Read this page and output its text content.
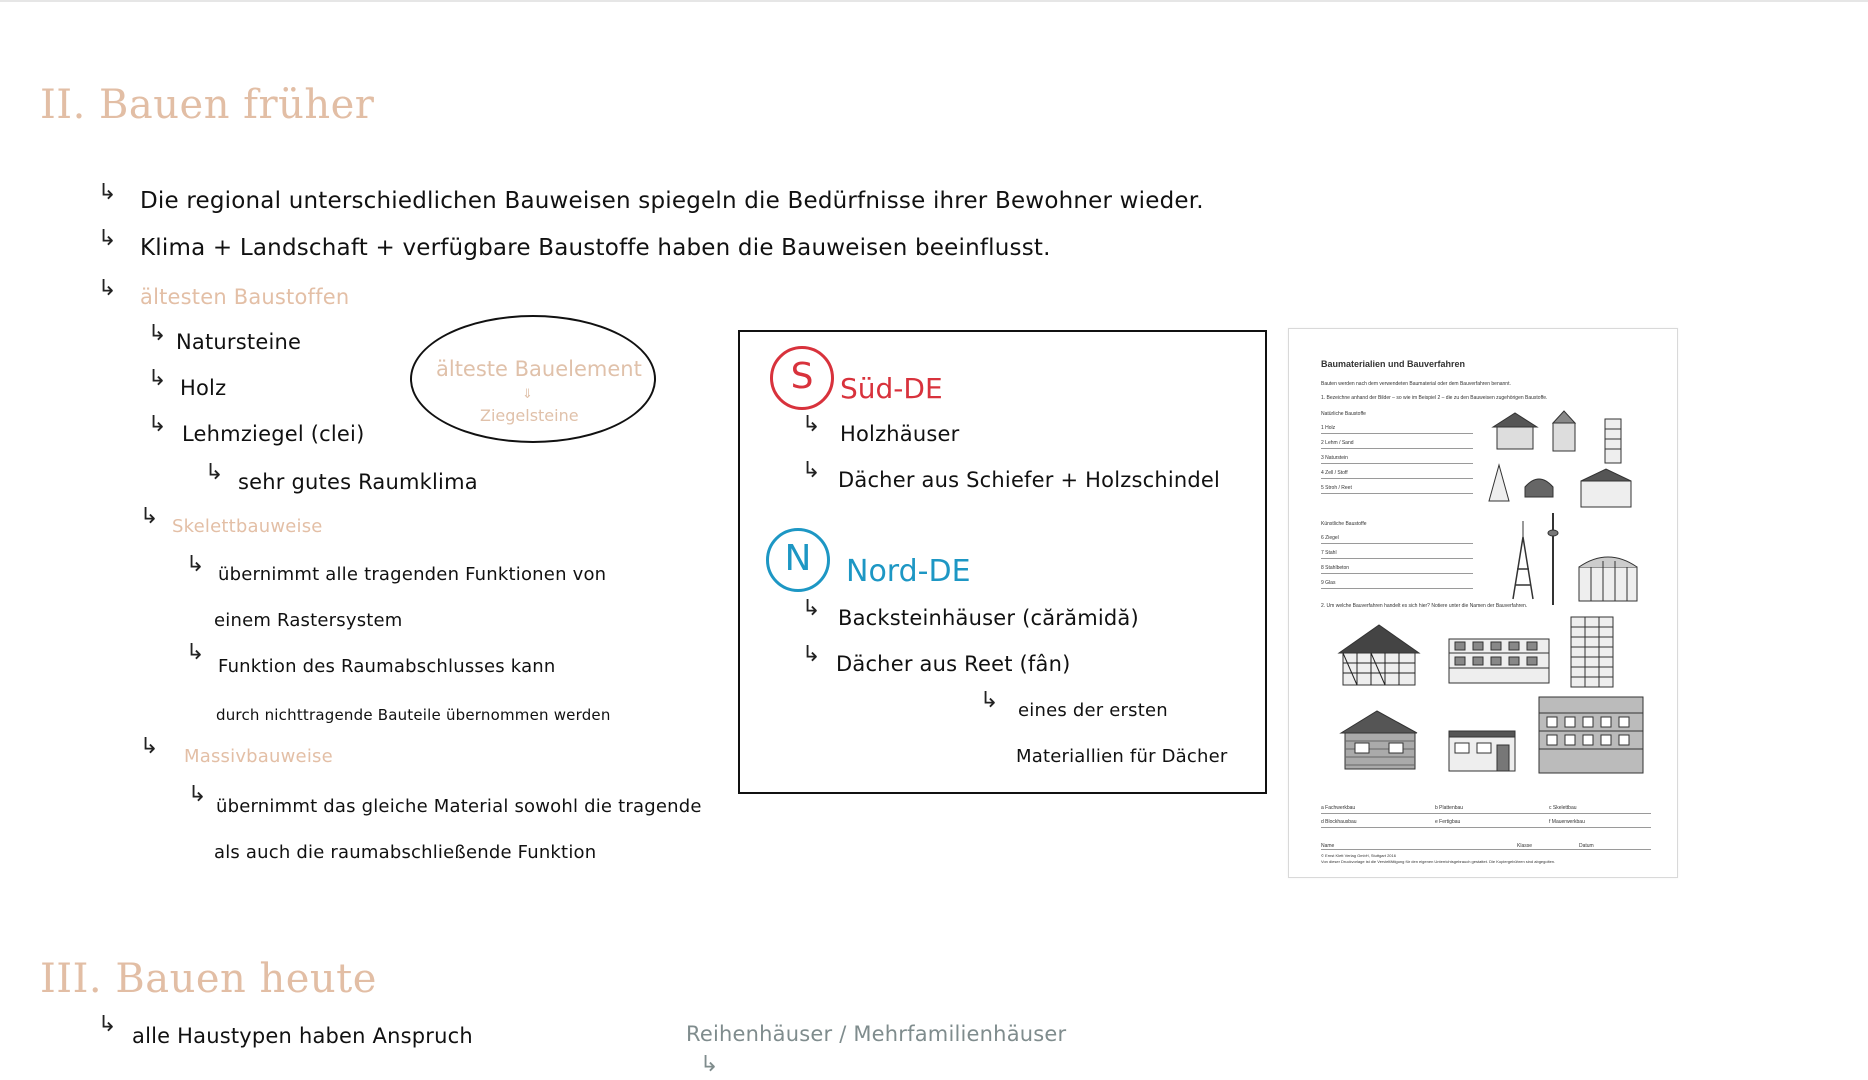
II. Bauen früher
↳ Die regional unterschiedlichen Bauweisen spiegeln die Bedürfnisse ihrer Bewohner wieder.
↳ Klima + Landschaft + verfügbare Baustoffe haben die Bauweisen beeinflusst.
↳ ältesten Baustoffen
↳ Natursteine
↳ Holz
↳ Lehmziegel (clei)
↳ sehr gutes Raumklima
älteste Bauelement
⇓
Ziegelsteine
↳ Skelettbauweise
↳ übernimmt alle tragenden Funktionen von
einem Rastersystem
↳
Funktion des Raumabschlusses kann
durch nichttragende Bauteile übernommen werden
↳ Massivbauweise
↳ übernimmt das gleiche Material sowohl die tragende
als auch die raumabschließende Funktion
S Süd-DE
↳ Holzhäuser
↳ Dächer aus Schiefer + Holzschindel
N	Nord-DE
↳ Backsteinhäuser (cărămidă)
↳ Dächer aus Reet (fân)
↳ eines der ersten
Materiallien für Dächer
Baumaterialien und Bauverfahren
Bauten werden nach dem verwendeten Baumaterial oder dem Bauverfahren benannt.
1. Bezeichne anhand der Bilder – so wie im Beispiel 2 – die zu den Bauweisen zugehörigen Baustoffe.
Natürliche Baustoffe
1 Holz
2 Lehm / Sand
3 Naturstein
4 Zell / Stoff
5 Stroh / Reet
Künstliche Baustoffe
6 Ziegel
7 Stahl
8 Stahlbeton
9 Glas
2. Um welche Bauverfahren handelt es sich hier? Notiere unter die Namen der Bauverfahren.
a Fachwerkbau	b Plattenbau	c Skelettbau
d Blockhausbau	e Fertigbau	f Mauerwerkbau
Name	Klasse	Datum
© Ernst Klett Verlag GmbH, Stuttgart 2016
Von dieser Druckvorlage ist die Vervielfältigung für den eigenen Unterrichtsgebrauch gestattet. Die Kopiergebühren sind abgegolten.
III. Bauen heute
↳ alle Haustypen haben Anspruch	Reihenhäuser / Mehrfamilienhäuser
↳
